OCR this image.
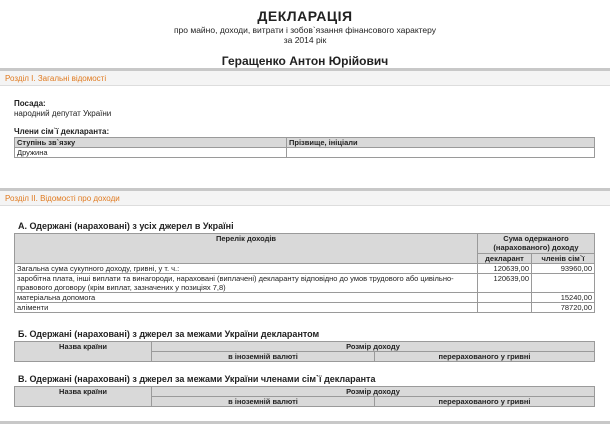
ДЕКЛАРАЦІЯ
про майно, доходи, витрати і зобов`язання фінансового характеру
за 2014 рік
Геращенко Антон Юрійович
Розділ І. Загальні відомості
Посада:
народний депутат України
Члени сім`ї декларанта:
Ступінь зв`язку	Прізвище, ініціали
Дружина	
Розділ ІІ. Відомості про доходи
А. Одержані (нараховані) з усіх джерел в Україні
Перелік доходів	Сума одержаного (нарахованого) доходу	
	декларант	членів сім`ї
Загальна сума сукупного доходу, гривні, у т. ч.:	120639,00	93960,00
заробітна плата, інші виплати та винагороди, нараховані (виплачені) декларанту відповідно до умов трудового або цивільно-правового договору (крім виплат, зазначених у позиціях 7,8)	120639,00	
матеріальна допомога		15240,00
аліменти		78720,00
Б. Одержані (нараховані) з джерел за межами України декларантом
Назва країни	Розмір доходу	
	в іноземній валюті	перерахованого у гривні
В. Одержані (нараховані) з джерел за межами України членами сім`ї декларанта
Назва країни	Розмір доходу	
	в іноземній валюті	перерахованого у гривні
